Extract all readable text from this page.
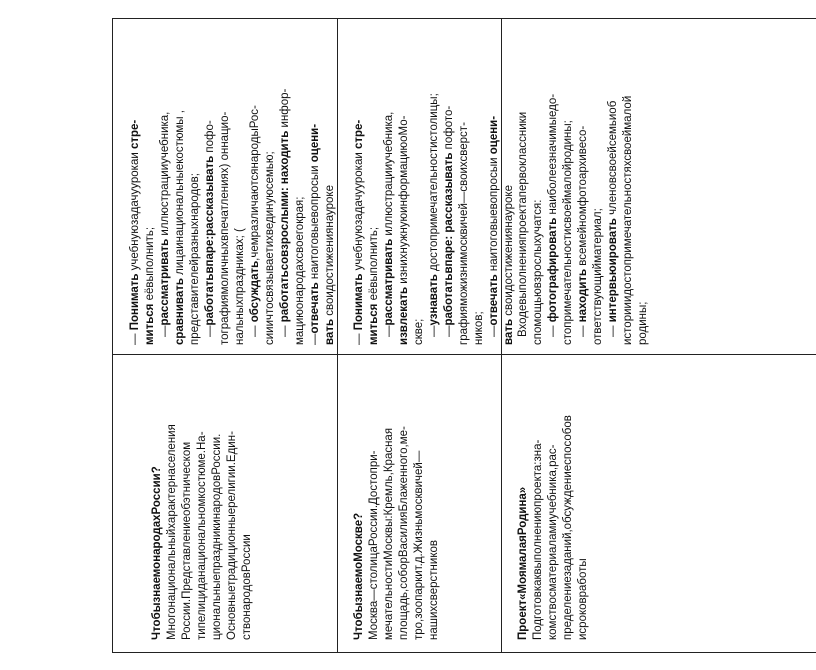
ЧтобызнаемонародахРоссии? Многонациональныйхарактернаселения России.Представлениеобэтническом типелициданациональномкостюме.На- циональныепраздникинародовРоссии. Основныетрадиционныерелигии.Един- ствонародовРоссии

— Понимать учебнуюзадачуурокаи стре-

миться еёвыполнить;

—рассматривать иллюстрацииучебника,

сравнивать лицаинациональныекостюмы ,

представителейразныхнародов; —работатьвпаре:рассказывать пофо-

тографиямоличныхвпечатлениях) оннацио-

нальныхпраздниках; (

— обсуждать,чемразличаютсянародыРос- сииичтосвязываетихвединуюсемью; — работатьсовзрослыми: находить инфор-

мациюонародахсвоегокрая; —отвечать наитоговыевопросыи оцени-

вать своидостижениянауроке

ЧтобызнаемоМоскве? Москва—столицаРоссии.Достопри- мечательностиМосквы:Кремль,Красная площадь,соборВасилияБлаженного,ме- тро,зоопаркит.д.Жизньмосквичей— нашихсверстников

— Понимать учебнуюзадачуурокаи стре-

миться еёвыполнить;

—рассматривать иллюстрацииучебника,

извлекать изнихнужнуюинформациюоМо-

скве; —узнавать достопримечательностистолицы;

—работатьвпаре: рассказывать пофото- графияможизнимосквичей—своихсверст- ников; —отвечать наитоговыевопросыи оцени-

вать своидостижениянауроке

Проект«МоямалаяРодина» Подготовкаквыполнениюпроекта:зна- комствосматериаламиучебника,рас- пределениезаданий,обсуждениеспособов исроковработы

Входевыполненияпроектапервоклассники спомощьювзрослыхучатся: — фотографировать наиболеезначимыедо- стопримечательностисвоеймалойродины; — находить всемейномфотоархивесо-

ответствующийматериал; — интервьюировать членовсвоейсемьиоб историиидостопримечательностяхсвоеймалой родины;
